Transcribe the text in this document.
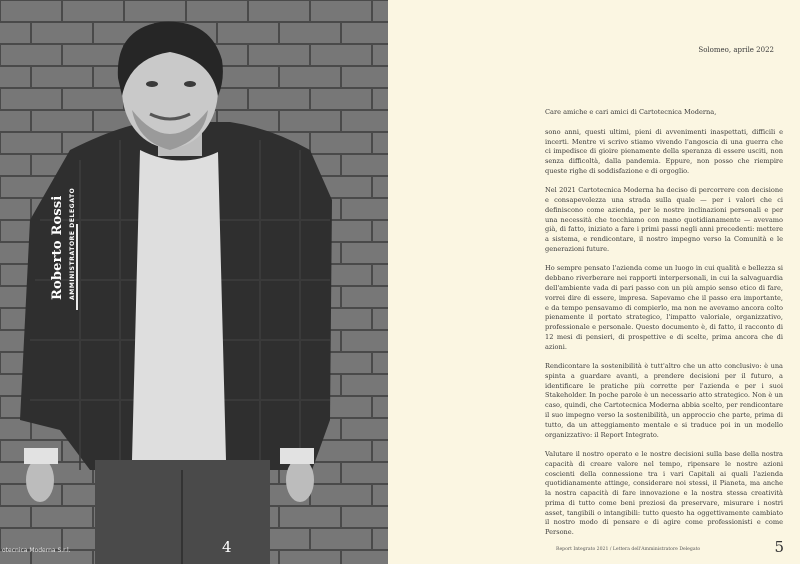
Roberto Rossi AMMINISTRATORE DELEGATO
otecnica Moderna S.r.l.	4
Solomeo, aprile 2022

Care amiche e cari amici di Cartotecnica Moderna,

sono anni, questi ultimi, pieni di avvenimenti inaspettati, difficili e incerti. Mentre vi scrivo stiamo vivendo l'angoscia di una guerra che ci impedisce di gioire pienamente della speranza di essere usciti, non senza difficoltà, dalla pandemia. Eppure, non posso che riempire queste righe di soddisfazione e di orgoglio.

Nel 2021 Cartotecnica Moderna ha deciso di percorrere con decisione e consapevolezza una strada sulla quale — per i valori che ci definiscono come azienda, per le nostre inclinazioni personali e per una necessità che tocchiamo con mano quotidianamente — avevamo già, di fatto, iniziato a fare i primi passi negli anni precedenti: mettere a sistema, e rendicontare, il nostro impegno verso la Comunità e le generazioni future.

Ho sempre pensato l'azienda come un luogo in cui qualità e bellezza si debbano riverberare nei rapporti interpersonali, in cui la salvaguardia dell'ambiente vada di pari passo con un più ampio senso etico di fare, vorrei dire di essere, impresa. Sapevamo che il passo era importante, e da tempo pensavamo di compierlo, ma non ne avevamo ancora colto pienamente il portato strategico, l'impatto valoriale, organizzativo, professionale e personale. Questo documento è, di fatto, il racconto di 12 mesi di pensieri, di prospettive e di scelte, prima ancora che di azioni.

Rendicontare la sostenibilità è tutt'altro che un atto conclusivo: è una spinta a guardare avanti, a prendere decisioni per il futuro, a identificare le pratiche più corrette per l'azienda e per i suoi Stakeholder. In poche parole è un necessario atto strategico. Non è un caso, quindi, che Cartotecnica Moderna abbia scelto, per rendicontare il suo impegno verso la sostenibilità, un approccio che parte, prima di tutto, da un atteggiamento mentale e si traduce poi in un modello organizzativo: il Report Integrato.

Valutare il nostro operato e le nostre decisioni sulla base della nostra capacità di creare valore nel tempo, ripensare le nostre azioni coscienti della connessione tra i vari Capitali ai quali l'azienda quotidianamente attinge, considerare noi stessi, il Pianeta, ma anche la nostra capacità di fare innovazione e la nostra stessa creatività prima di tutto come beni preziosi da preservare, misurare i nostri asset, tangibili o intangibili: tutto questo ha oggettivamente cambiato il nostro modo di pensare e di agire come professionisti e come Persone.

Report Integrato 2021 / Lettera dell'Amministratore Delegato	5
